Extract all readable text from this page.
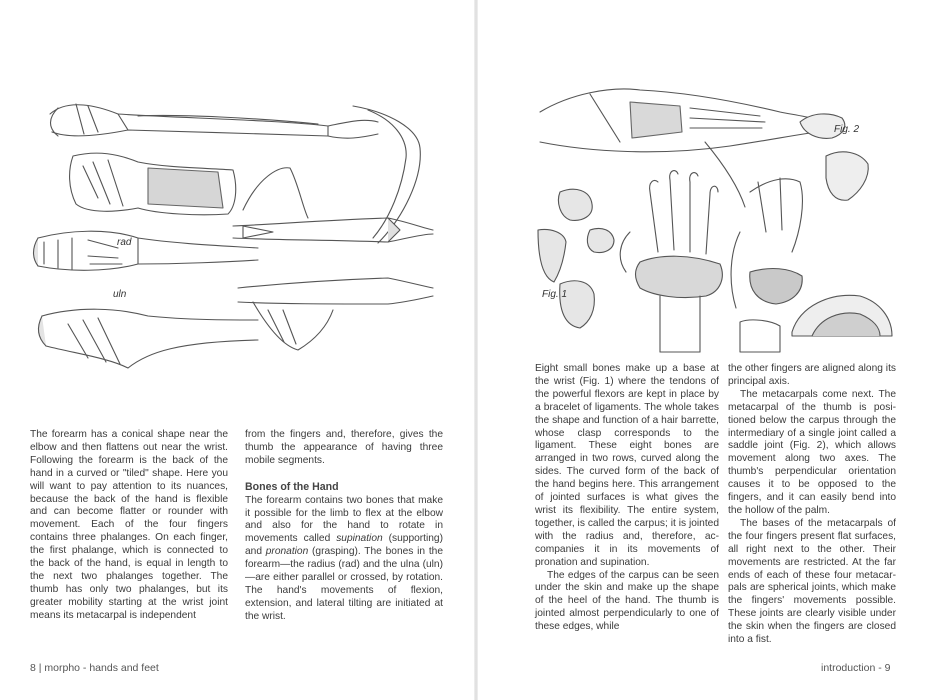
rad
uln

The forearm has a conical shape near the elbow and then flattens out near the wrist. Following the forearm is the back of the hand in a curved or "tiled" shape. Here you will want to pay attention to its nuances, because the back of the hand is flexible and can become flatter or rounder with movement. Each of the four fingers contains three phalanges. On each finger, the first phalange, which is connected to the back of the hand, is equal in length to the next two phalanges together. The thumb has only two phalanges, but its greater mobility starting at the wrist joint means its metacarpal is independent

from the fingers and, therefore, gives the thumb the appearance of having three mobile segments.

Bones of the Hand

The forearm contains two bones that make it possible for the limb to flex at the elbow and also for the hand to rotate in movements called supination (supporting) and pronation (grasping). The bones in the forearm—the radius (rad) and the ulna (uln)—are either parallel or crossed, by rotation. The hand's movements of flexion, extension, and lateral tilting are initiated at the wrist.

8 | morpho - hands and feet
Fig. 2
Fig. 1

Eight small bones make up a base at the wrist (Fig. 1) where the tendons of the powerful flexors are kept in place by a bracelet of ligaments. The whole takes the shape and function of a hair barrette, whose clasp corresponds to the ligament. These eight bones are arranged in two rows, curved along the sides. The curved form of the back of the hand begins here. This arrangement of jointed surfaces is what gives the wrist its flexibility. The entire system, together, is called the carpus; it is jointed with the radius and, therefore, accompanies it in its movements of pronation and supination.

The edges of the carpus can be seen under the skin and make up the shape of the heel of the hand. The thumb is jointed almost perpendicularly to one of these edges, while

the other fingers are aligned along its principal axis.

The metacarpals come next. The metacarpal of the thumb is positioned below the carpus through the intermediary of a single joint called a saddle joint (Fig. 2), which allows movement along two axes. The thumb's perpendicular orientation causes it to be opposed to the fingers, and it can easily bend into the hollow of the palm.

The bases of the metacarpals of the four fingers present flat surfaces, all right next to the other. Their movements are restricted. At the far ends of each of these four metacarpals are spherical joints, which make the fingers' movements possible. These joints are clearly visible under the skin when the fingers are closed into a fist.

introduction - 9
